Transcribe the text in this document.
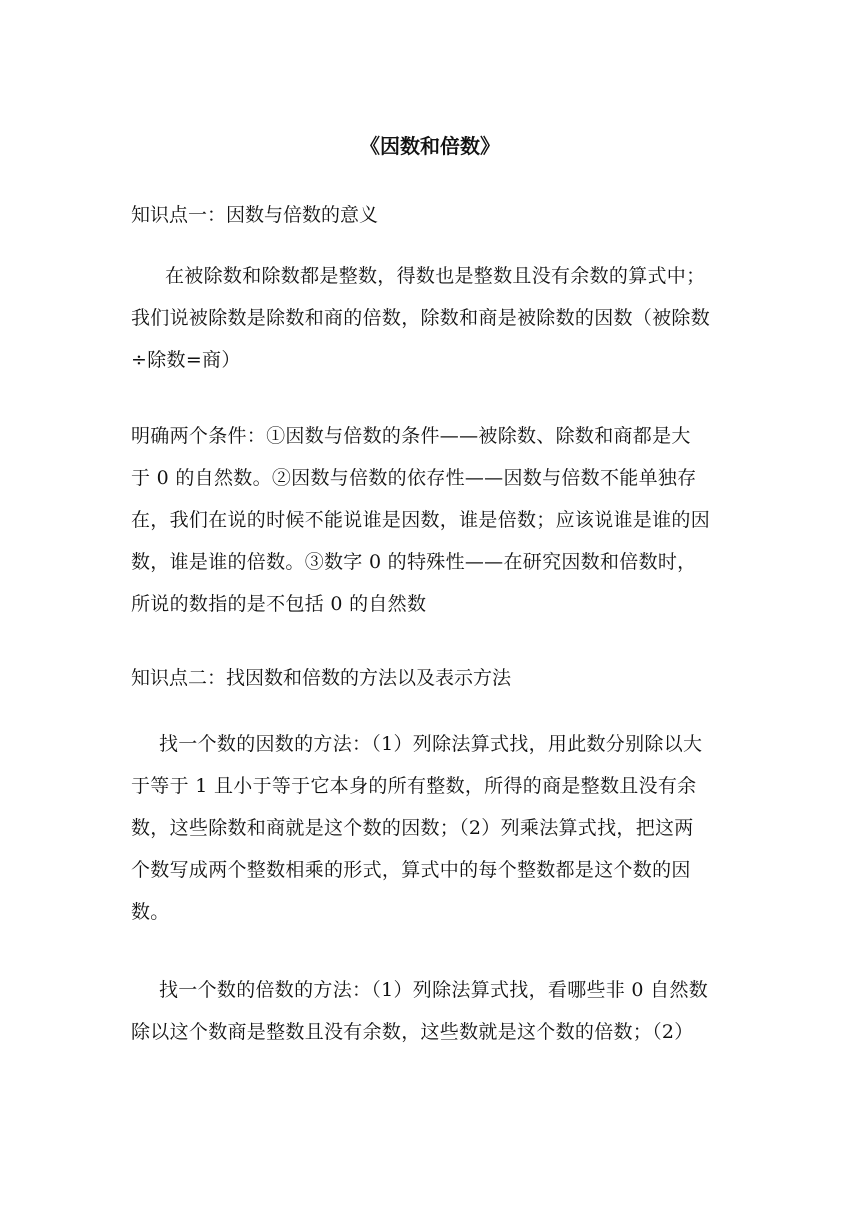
《因数和倍数》
知识点一：因数与倍数的意义
在被除数和除数都是整数，得数也是整数且没有余数的算式中；
我们说被除数是除数和商的倍数，除数和商是被除数的因数（被除数
÷除数=商）
明确两个条件：①因数与倍数的条件——被除数、除数和商都是大
于 0 的自然数。②因数与倍数的依存性——因数与倍数不能单独存
在，我们在说的时候不能说谁是因数，谁是倍数；应该说谁是谁的因
数，谁是谁的倍数。③数字 0 的特殊性——在研究因数和倍数时，
所说的数指的是不包括 0 的自然数
知识点二：找因数和倍数的方法以及表示方法
找一个数的因数的方法：（1）列除法算式找，用此数分别除以大
于等于 1 且小于等于它本身的所有整数，所得的商是整数且没有余
数，这些除数和商就是这个数的因数；（2）列乘法算式找，把这两
个数写成两个整数相乘的形式，算式中的每个整数都是这个数的因
数。
找一个数的倍数的方法：（1）列除法算式找，看哪些非 0 自然数
除以这个数商是整数且没有余数，这些数就是这个数的倍数；（2）
